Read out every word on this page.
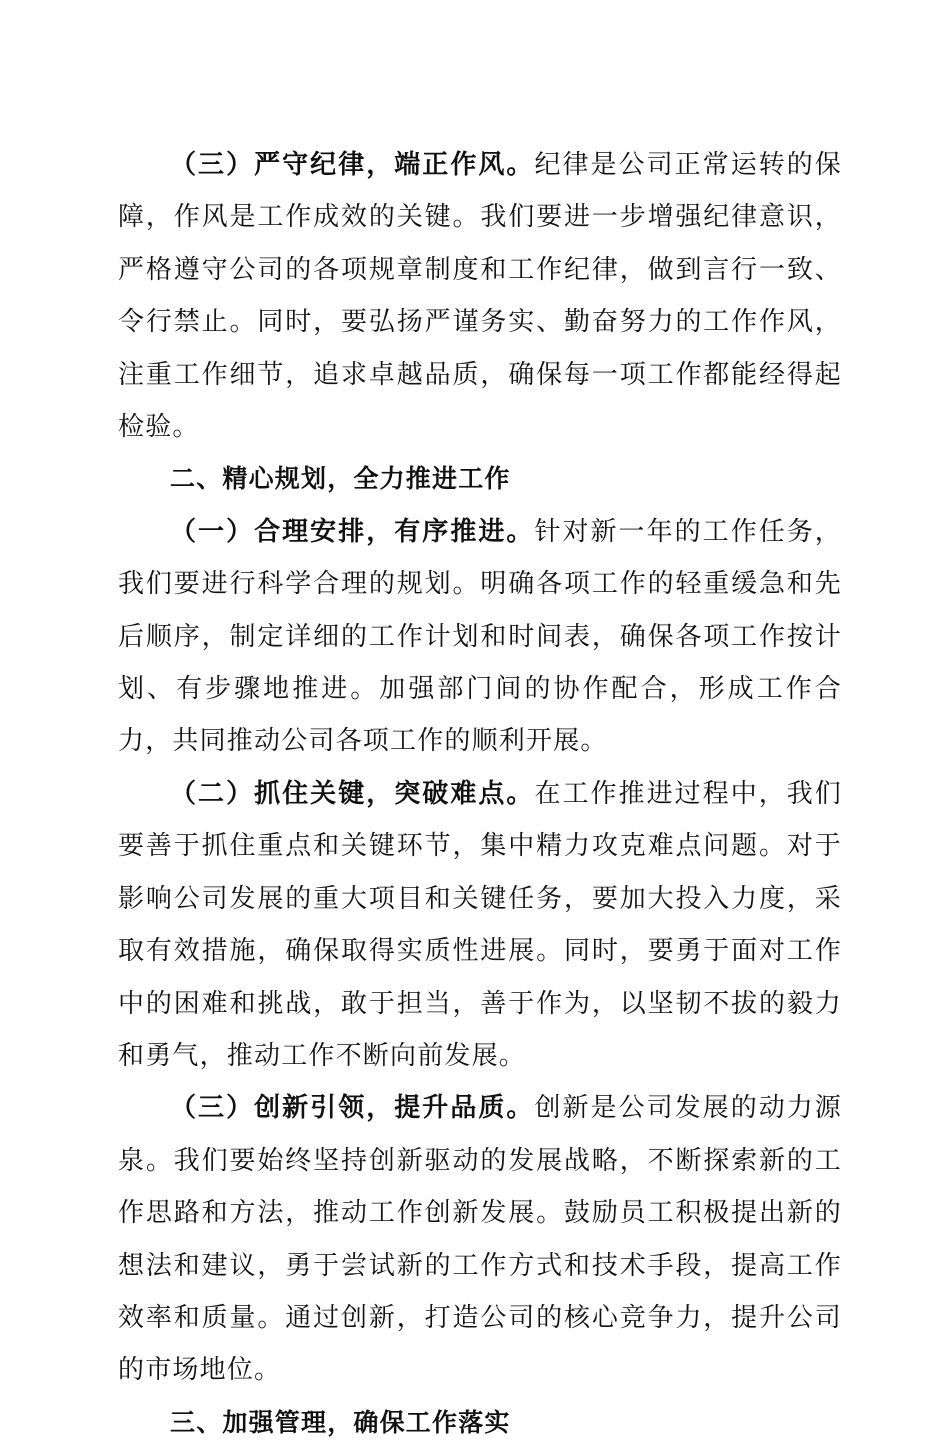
（三）严守纪律，端正作风。纪律是公司正常运转的保障，作风是工作成效的关键。我们要进一步增强纪律意识，严格遵守公司的各项规章制度和工作纪律，做到言行一致、令行禁止。同时，要弘扬严谨务实、勤奋努力的工作作风，注重工作细节，追求卓越品质，确保每一项工作都能经得起检验。

二、精心规划，全力推进工作

（一）合理安排，有序推进。针对新一年的工作任务，我们要进行科学合理的规划。明确各项工作的轻重缓急和先后顺序，制定详细的工作计划和时间表，确保各项工作按计划、有步骤地推进。加强部门间的协作配合，形成工作合力，共同推动公司各项工作的顺利开展。

（二）抓住关键，突破难点。在工作推进过程中，我们要善于抓住重点和关键环节，集中精力攻克难点问题。对于影响公司发展的重大项目和关键任务，要加大投入力度，采取有效措施，确保取得实质性进展。同时，要勇于面对工作中的困难和挑战，敢于担当，善于作为，以坚韧不拔的毅力和勇气，推动工作不断向前发展。

（三）创新引领，提升品质。创新是公司发展的动力源泉。我们要始终坚持创新驱动的发展战略，不断探索新的工作思路和方法，推动工作创新发展。鼓励员工积极提出新的想法和建议，勇于尝试新的工作方式和技术手段，提高工作效率和质量。通过创新，打造公司的核心竞争力，提升公司的市场地位。

三、加强管理，确保工作落实
